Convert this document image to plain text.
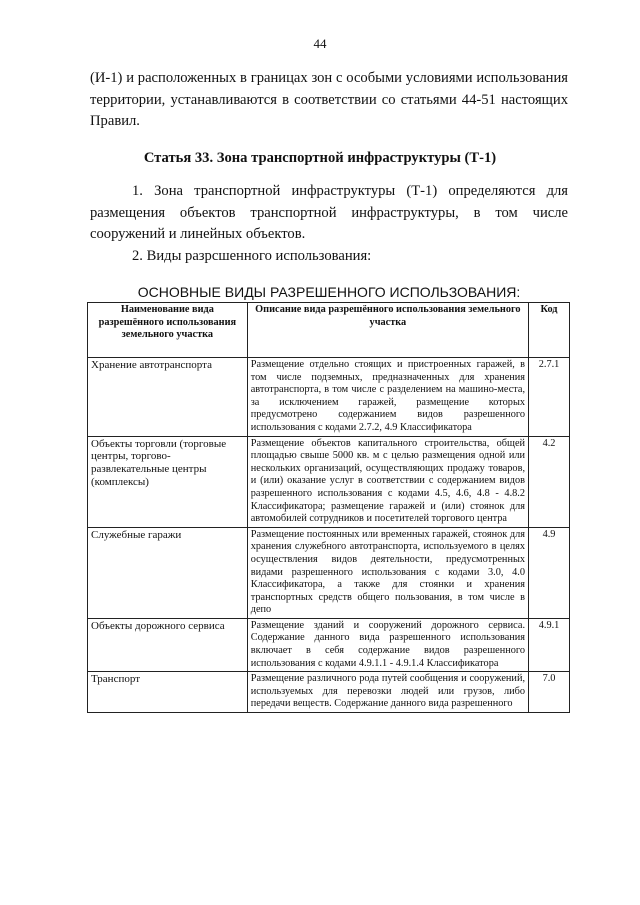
44

(И-1) и расположенных в границах зон с особыми условиями использования территории, устанавливаются в соответствии со статьями 44-51 настоящих Правил.

Статья 33. Зона транспортной инфраструктуры (Т-1)

1. Зона транспортной инфраструктуры (Т-1) определяются для размещения объектов транспортной инфраструктуры, в том числе сооружений и линейных объектов.

2. Виды разрсшенного использования:

ОСНОВНЫЕ ВИДЫ РАЗРЕШЕННОГО ИСПОЛЬЗОВАНИЯ:
Наименование вида разрешённого использования земельного участка	Описание вида разрешённого использования земельного участка	Код
Хранение автотранспорта	Размещение отдельно стоящих и пристроенных гаражей, в том числе подземных, предназначенных для хранения автотранспорта, в том числе с разделением на машино-места, за исключением гаражей, размещение которых предусмотрено содержанием видов разрешенного использования с кодами 2.7.2, 4.9 Классификатора	2.7.1
Объекты торговли (торговые центры, торгово-развлекательные центры (комплексы)	Размещение объектов капитального строительства, общей площадью свыше 5000 кв. м с целью размещения одной или нескольких организаций, осуществляющих продажу товаров, и (или) оказание услуг в соответствии с содержанием видов разрешенного использования с кодами 4.5, 4.6, 4.8 - 4.8.2 Классификатора; размещение гаражей и (или) стоянок для автомобилей сотрудников и посетителей торгового центра	4.2
Служебные гаражи	Размещение постоянных или временных гаражей, стоянок для хранения служебного автотранспорта, используемого в целях осуществления видов деятельности, предусмотренных видами разрешенного использования с кодами 3.0, 4.0 Классификатора, а также для стоянки и хранения транспортных средств общего пользования, в том числе в депо	4.9
Объекты дорожного сервиса	Размещение зданий и сооружений дорожного сервиса. Содержание данного вида разрешенного использования включает в себя содержание видов разрешенного использования с кодами 4.9.1.1 - 4.9.1.4 Классификатора	4.9.1
Транспорт	Размещение различного рода путей сообщения и сооружений, используемых для перевозки людей или грузов, либо передачи веществ. Содержание данного вида разрешенного	7.0
